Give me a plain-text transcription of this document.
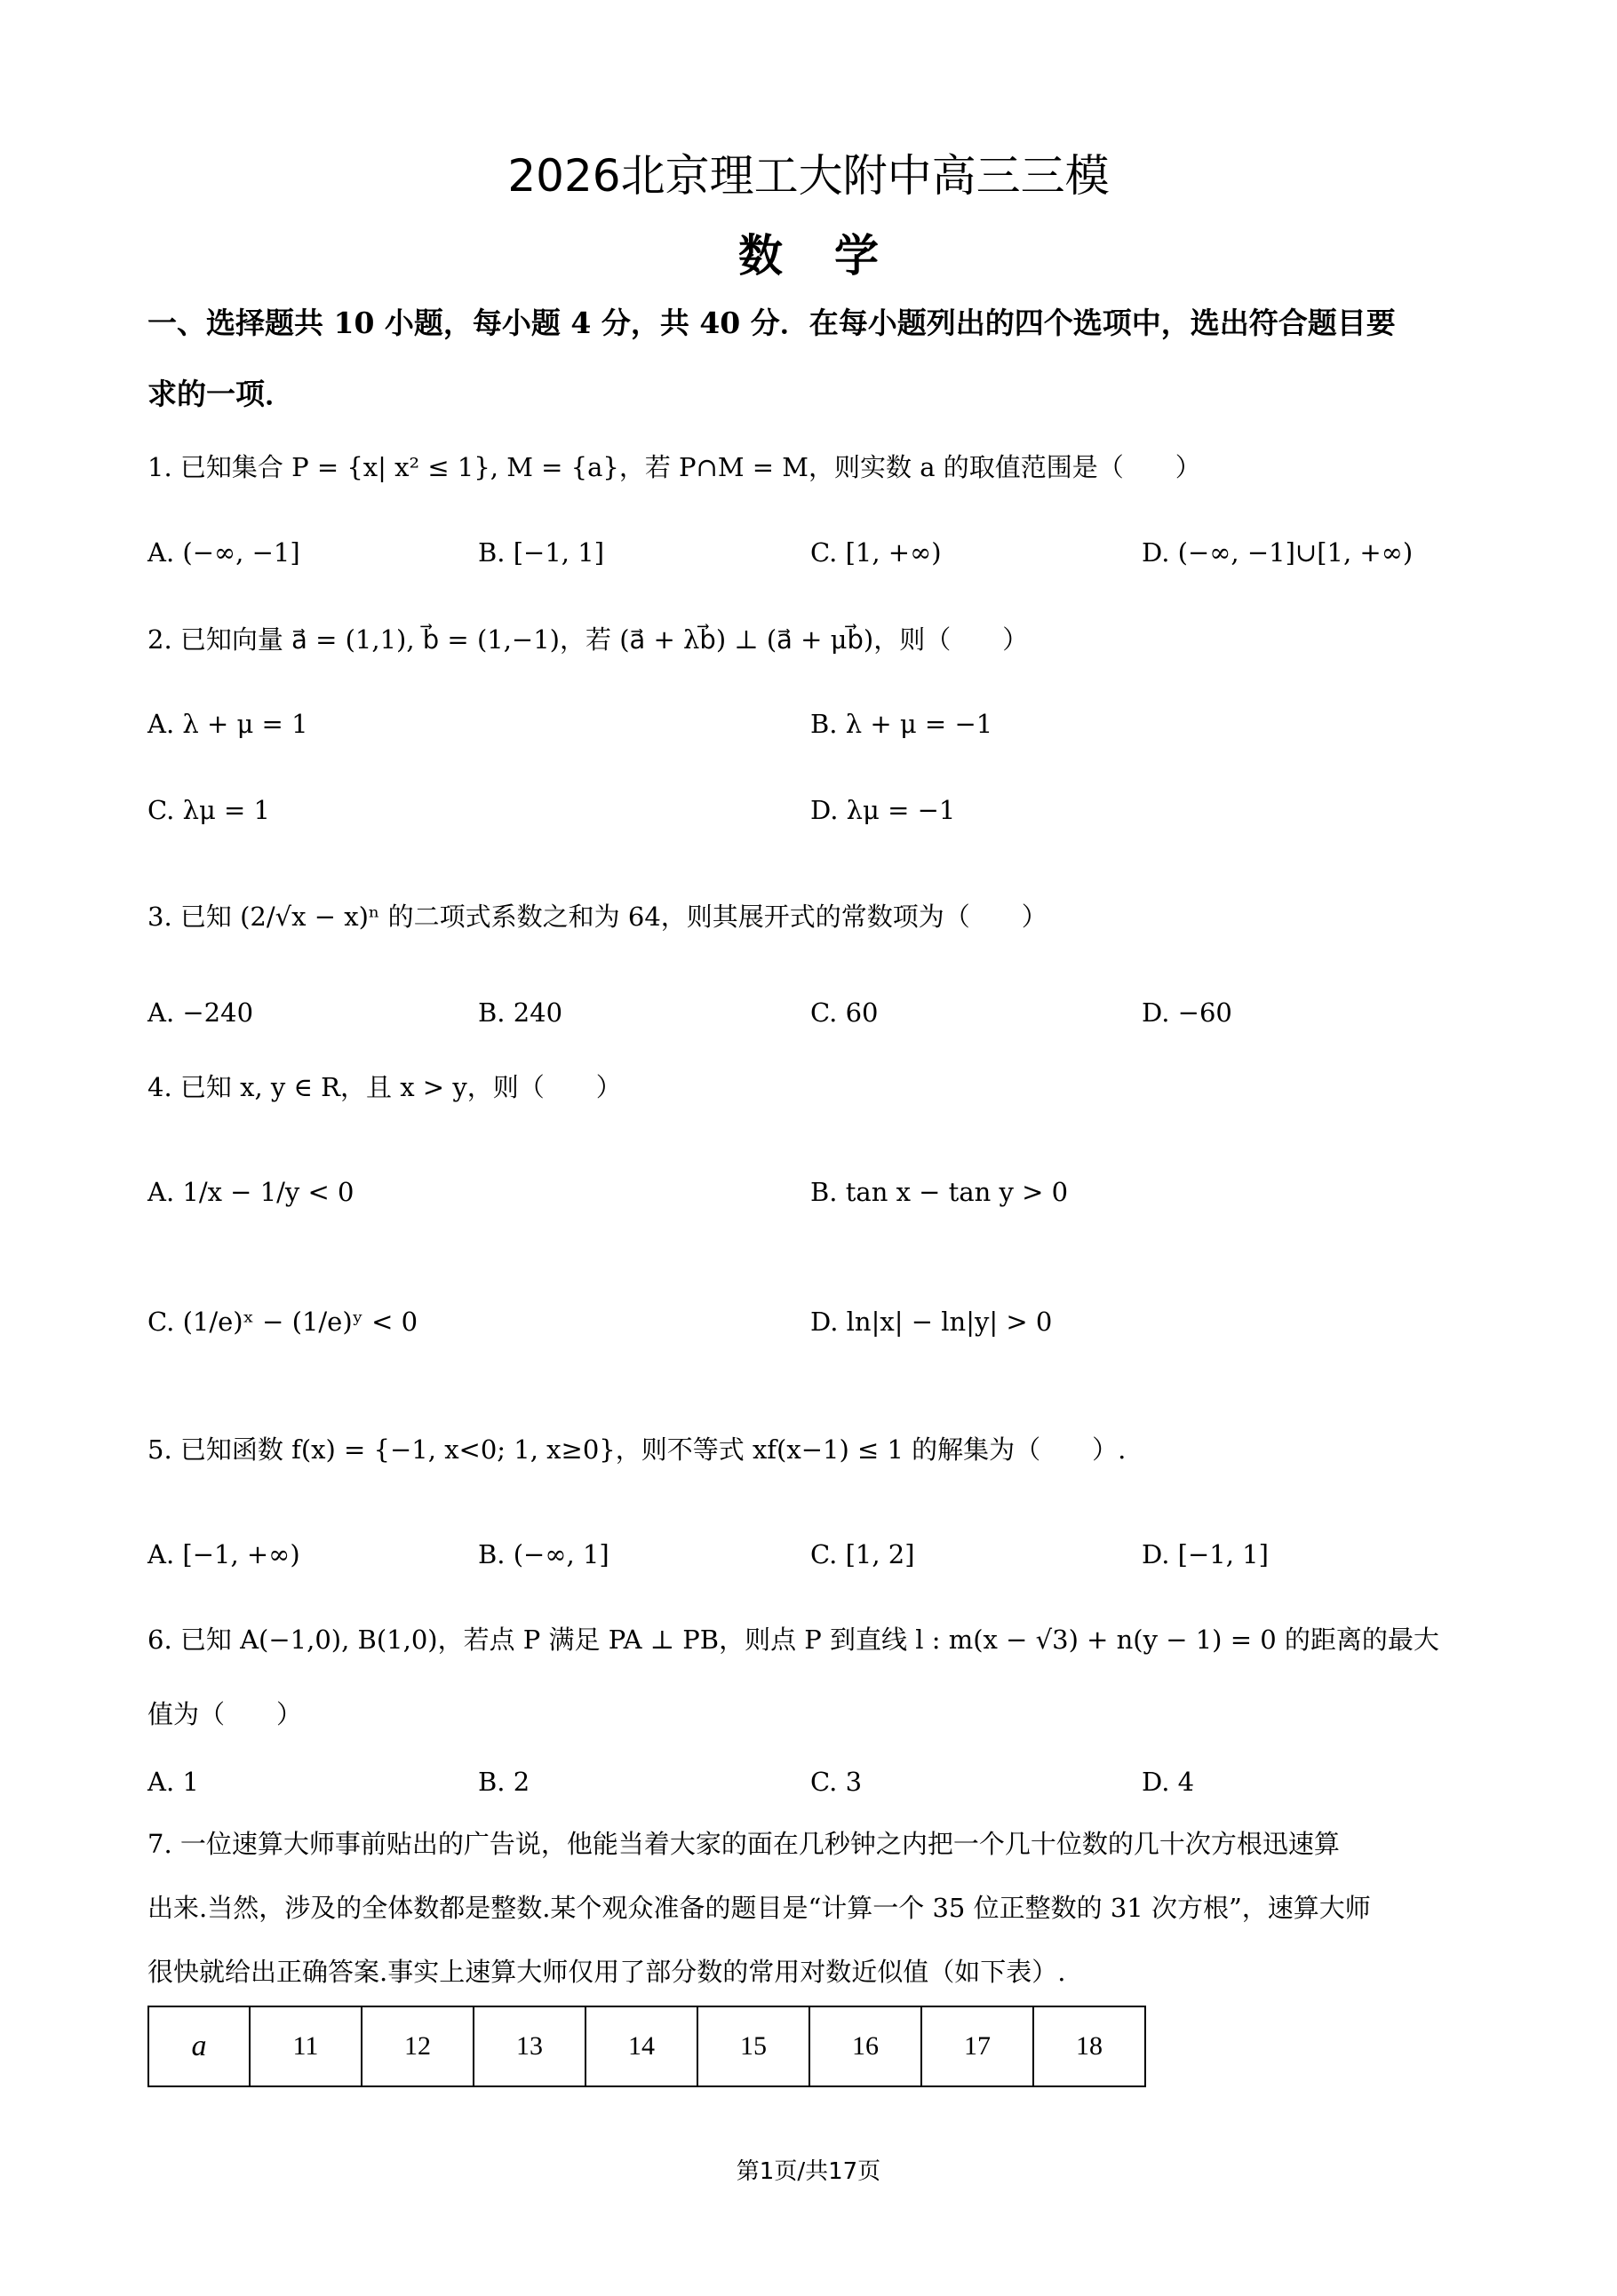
2026北京理工大附中高三三模
数学
一、选择题共 10 小题，每小题 4 分，共 40 分．在每小题列出的四个选项中，选出符合题目要
求的一项．
1. 已知集合 P = {x| x² ≤ 1}, M = {a}，若 P∩M = M，则实数 a 的取值范围是（　　）
A. (−∞, −1]	B. [−1, 1]	C. [1, +∞)	D. (−∞, −1]∪[1, +∞)
2. 已知向量 a⃗ = (1,1), b⃗ = (1,−1)，若 (a⃗ + λb⃗) ⊥ (a⃗ + μb⃗)，则（　　）
A. λ + μ = 1	B. λ + μ = −1
C. λμ = 1	D. λμ = −1
3. 已知 (2/√x − x)ⁿ 的二项式系数之和为 64，则其展开式的常数项为（　　）
A. −240	B. 240	C. 60	D. −60
4. 已知 x, y ∈ R，且 x > y，则（　　）
A. 1/x − 1/y < 0	B. tan x − tan y > 0
C. (1/e)ˣ − (1/e)ʸ < 0	D. ln|x| − ln|y| > 0
5. 已知函数 f(x) = {−1, x<0; 1, x≥0}，则不等式 xf(x−1) ≤ 1 的解集为（　　）.
A. [−1, +∞)	B. (−∞, 1]	C. [1, 2]	D. [−1, 1]
6. 已知 A(−1,0), B(1,0)，若点 P 满足 PA ⊥ PB，则点 P 到直线 l : m(x − √3) + n(y − 1) = 0 的距离的最大
值为（　　）
A. 1	B. 2	C. 3	D. 4
7. 一位速算大师事前贴出的广告说，他能当着大家的面在几秒钟之内把一个几十位数的几十次方根迅速算
出来.当然，涉及的全体数都是整数.某个观众准备的题目是“计算一个 35 位正整数的 31 次方根”，速算大师
很快就给出正确答案.事实上速算大师仅用了部分数的常用对数近似值（如下表）.
a	11	12	13	14	15	16	17	18
第1页/共17页
